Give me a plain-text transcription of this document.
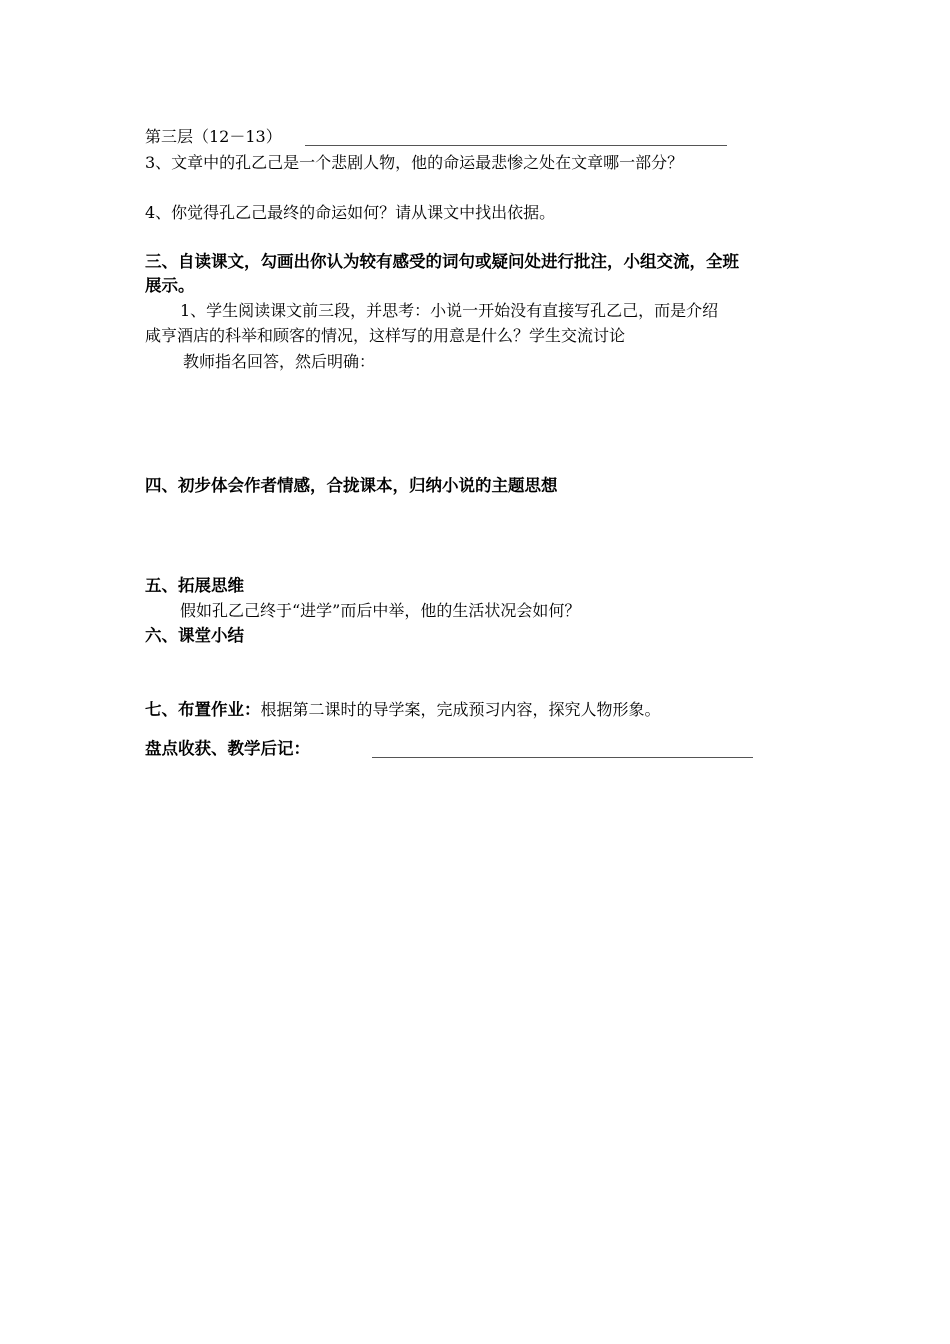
第三层（12－13）
3、文章中的孔乙己是一个悲剧人物，他的命运最悲惨之处在文章哪一部分？
4、你觉得孔乙己最终的命运如何？请从课文中找出依据。
三、自读课文，勾画出你认为较有感受的词句或疑问处进行批注，小组交流，全班
展示。
1、学生阅读课文前三段，并思考：小说一开始没有直接写孔乙己，而是介绍
咸亨酒店的科举和顾客的情况，这样写的用意是什么？学生交流讨论
教师指名回答，然后明确：
四、初步体会作者情感，合拢课本，归纳小说的主题思想
五、拓展思维
假如孔乙己终于“进学”而后中举，他的生活状况会如何？
六、课堂小结
七、布置作业：根据第二课时的导学案，完成预习内容，探究人物形象。
盘点收获、教学后记：
